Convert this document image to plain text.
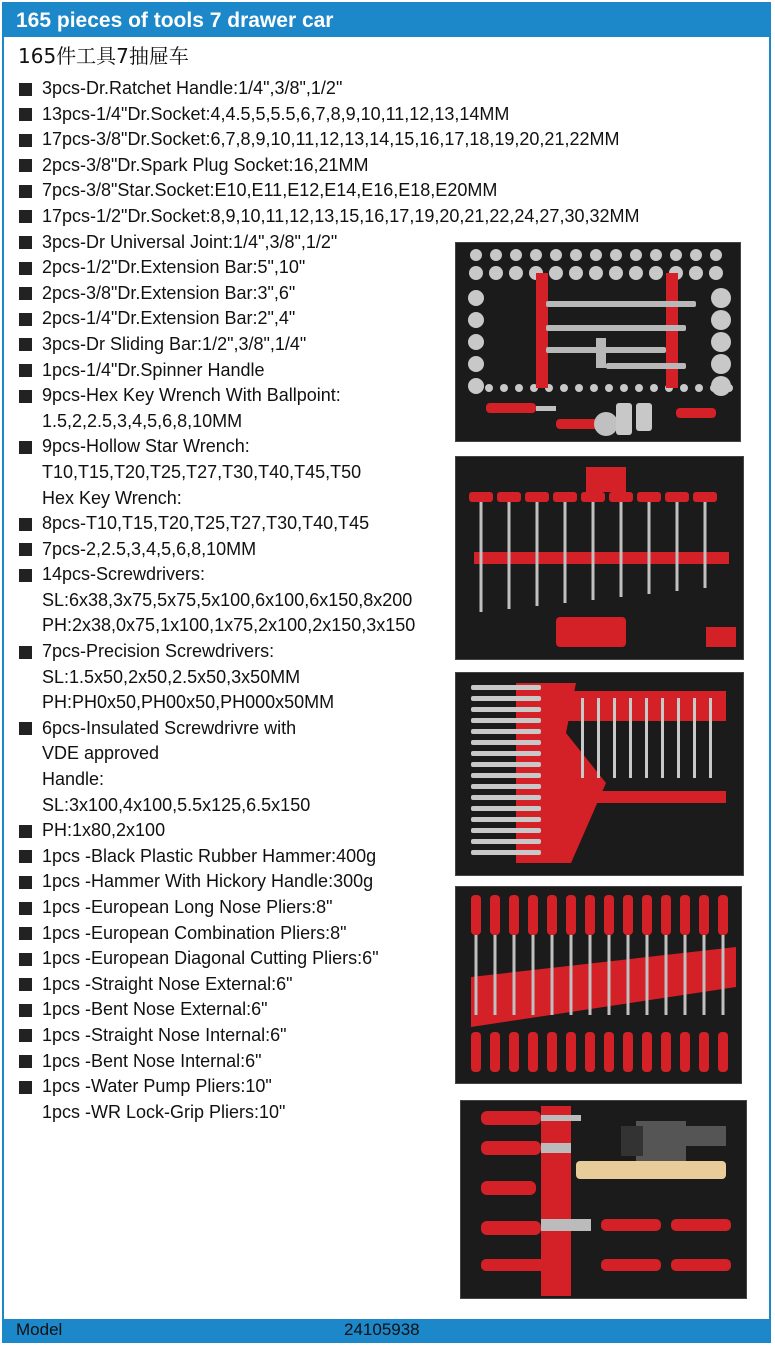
165 pieces of tools 7 drawer car
165件工具7抽屉车
3pcs-Dr.Ratchet Handle:1/4",3/8",1/2"
13pcs-1/4"Dr.Socket:4,4.5,5,5.5,6,7,8,9,10,11,12,13,14MM
17pcs-3/8"Dr.Socket:6,7,8,9,10,11,12,13,14,15,16,17,18,19,20,21,22MM
2pcs-3/8"Dr.Spark Plug Socket:16,21MM
7pcs-3/8"Star.Socket:E10,E11,E12,E14,E16,E18,E20MM
17pcs-1/2"Dr.Socket:8,9,10,11,12,13,15,16,17,19,20,21,22,24,27,30,32MM
3pcs-Dr Universal Joint:1/4",3/8",1/2"
2pcs-1/2"Dr.Extension Bar:5",10"
2pcs-3/8"Dr.Extension Bar:3",6"
2pcs-1/4"Dr.Extension Bar:2",4"
3pcs-Dr Sliding Bar:1/2",3/8",1/4"
1pcs-1/4"Dr.Spinner Handle
9pcs-Hex Key Wrench With Ballpoint:
1.5,2,2.5,3,4,5,6,8,10MM
9pcs-Hollow Star Wrench:
T10,T15,T20,T25,T27,T30,T40,T45,T50
Hex Key Wrench:
8pcs-T10,T15,T20,T25,T27,T30,T40,T45
7pcs-2,2.5,3,4,5,6,8,10MM
14pcs-Screwdrivers:
SL:6x38,3x75,5x75,5x100,6x100,6x150,8x200
PH:2x38,0x75,1x100,1x75,2x100,2x150,3x150
7pcs-Precision Screwdrivers:
SL:1.5x50,2x50,2.5x50,3x50MM
PH:PH0x50,PH00x50,PH000x50MM
6pcs-Insulated Screwdrivre with
VDE approved
Handle:
SL:3x100,4x100,5.5x125,6.5x150
PH:1x80,2x100
1pcs -Black Plastic Rubber Hammer:400g
1pcs -Hammer With Hickory Handle:300g
1pcs -European Long Nose Pliers:8"
1pcs -European Combination Pliers:8"
1pcs -European Diagonal Cutting Pliers:6"
1pcs -Straight Nose External:6"
1pcs -Bent Nose External:6"
1pcs -Straight Nose Internal:6"
1pcs -Bent Nose Internal:6"
1pcs -Water Pump Pliers:10"
1pcs -WR Lock-Grip Pliers:10"
Model	24105938
